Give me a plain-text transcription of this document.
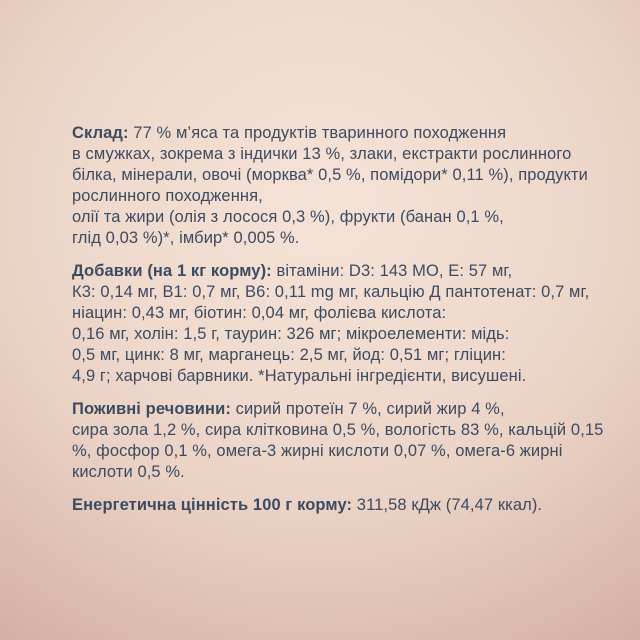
Склад: 77 % м’яса та продуктів тваринного походження
в смужках, зокрема з індички 13 %, злаки, екстракти рослинного
білка, мінерали, овочі (морква* 0,5 %, помідори* 0,11 %), продукти
рослинного походження,
олії та жири (олія з лосося 0,3 %), фрукти (банан 0,1 %,
глід 0,03 %)*, імбир* 0,005 %.
Добавки (на 1 кг корму): вітаміни: D3: 143 МО, Е: 57 мг,
К3: 0,14 мг, В1: 0,7 мг, В6: 0,11 mg мг, кальцію Д пантотенат: 0,7 мг,
ніацин: 0,43 мг, біотин: 0,04 мг, фолієва кислота:
0,16 мг, холін: 1,5 г, таурин: 326 мг; мікроелементи: мідь:
0,5 мг, цинк: 8 мг, марганець: 2,5 мг, йод: 0,51 мг; гліцин:
4,9 г; харчові барвники. *Натуральні інгредієнти, висушені.
Поживні речовини: сирий протеїн 7 %, сирий жир 4 %,
сира зола 1,2 %, сира клітковина 0,5 %, вологість 83 %, кальцій 0,15
%, фосфор 0,1 %, омега-3 жирні кислоти 0,07 %, омега-6 жирні
кислоти 0,5 %.
Енергетична цінність 100 г корму: 311,58 кДж (74,47 ккал).
